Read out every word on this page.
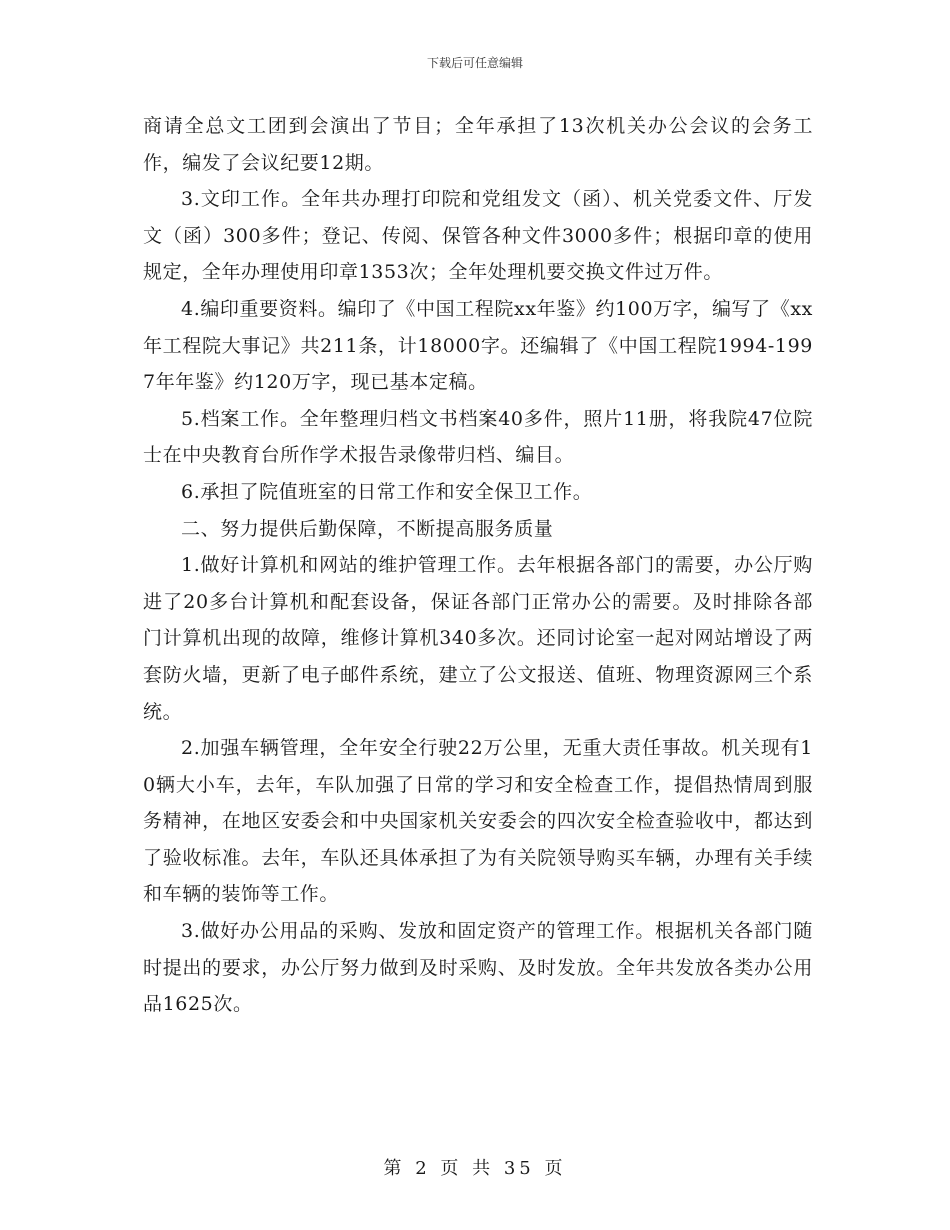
下载后可任意编辑

商请全总文工团到会演出了节目；全年承担了13次机关办公会议的会务工作，编发了会议纪要12期。

3.文印工作。全年共办理打印院和党组发文（函）、机关党委文件、厅发文（函）300多件；登记、传阅、保管各种文件3000多件；根据印章的使用规定，全年办理使用印章1353次；全年处理机要交换文件过万件。

4.编印重要资料。编印了《中国工程院xx年鉴》约100万字，编写了《xx年工程院大事记》共211条，计18000字。还编辑了《中国工程院1994-1997年年鉴》约120万字，现已基本定稿。

5.档案工作。全年整理归档文书档案40多件，照片11册，将我院47位院士在中央教育台所作学术报告录像带归档、编目。

6.承担了院值班室的日常工作和安全保卫工作。

二、努力提供后勤保障，不断提高服务质量

1.做好计算机和网站的维护管理工作。去年根据各部门的需要，办公厅购进了20多台计算机和配套设备，保证各部门正常办公的需要。及时排除各部门计算机出现的故障，维修计算机340多次。还同讨论室一起对网站增设了两套防火墙，更新了电子邮件系统，建立了公文报送、值班、物理资源网三个系统。

2.加强车辆管理，全年安全行驶22万公里，无重大责任事故。机关现有10辆大小车，去年，车队加强了日常的学习和安全检查工作，提倡热情周到服务精神，在地区安委会和中央国家机关安委会的四次安全检查验收中，都达到了验收标准。去年，车队还具体承担了为有关院领导购买车辆，办理有关手续和车辆的装饰等工作。

3.做好办公用品的采购、发放和固定资产的管理工作。根据机关各部门随时提出的要求，办公厅努力做到及时采购、及时发放。全年共发放各类办公用品1625次。

第 2 页 共 35 页
